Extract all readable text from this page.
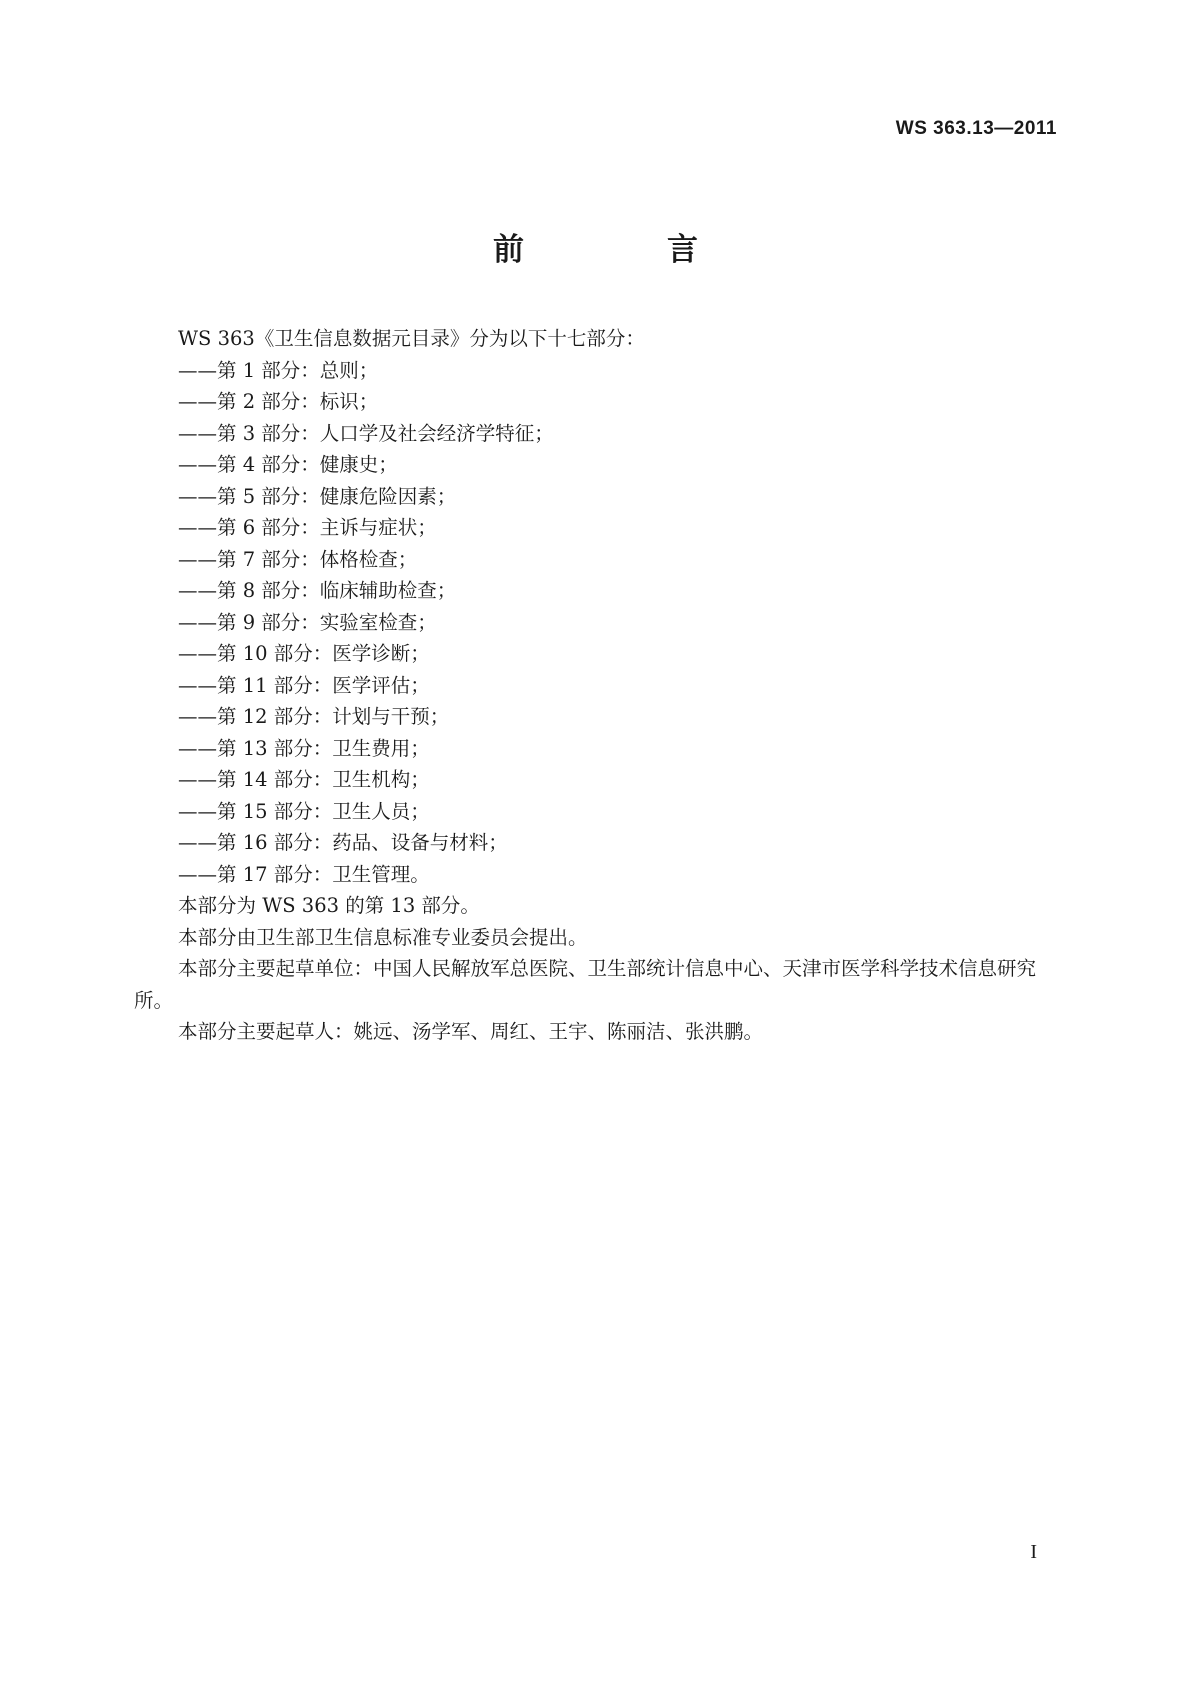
WS 363.13—2011
前　言

WS 363《卫生信息数据元目录》分为以下十七部分：

——第 1 部分：总则；

——第 2 部分：标识；

——第 3 部分：人口学及社会经济学特征；

——第 4 部分：健康史；

——第 5 部分：健康危险因素；

——第 6 部分：主诉与症状；

——第 7 部分：体格检查；

——第 8 部分：临床辅助检查；

——第 9 部分：实验室检查；

——第 10 部分：医学诊断；

——第 11 部分：医学评估；

——第 12 部分：计划与干预；

——第 13 部分：卫生费用；

——第 14 部分：卫生机构；

——第 15 部分：卫生人员；

——第 16 部分：药品、设备与材料；

——第 17 部分：卫生管理。

本部分为 WS 363 的第 13 部分。

本部分由卫生部卫生信息标准专业委员会提出。

本部分主要起草单位：中国人民解放军总医院、卫生部统计信息中心、天津市医学科学技术信息研究所。

本部分主要起草人：姚远、汤学军、周红、王宇、陈丽洁、张洪鹏。

I
